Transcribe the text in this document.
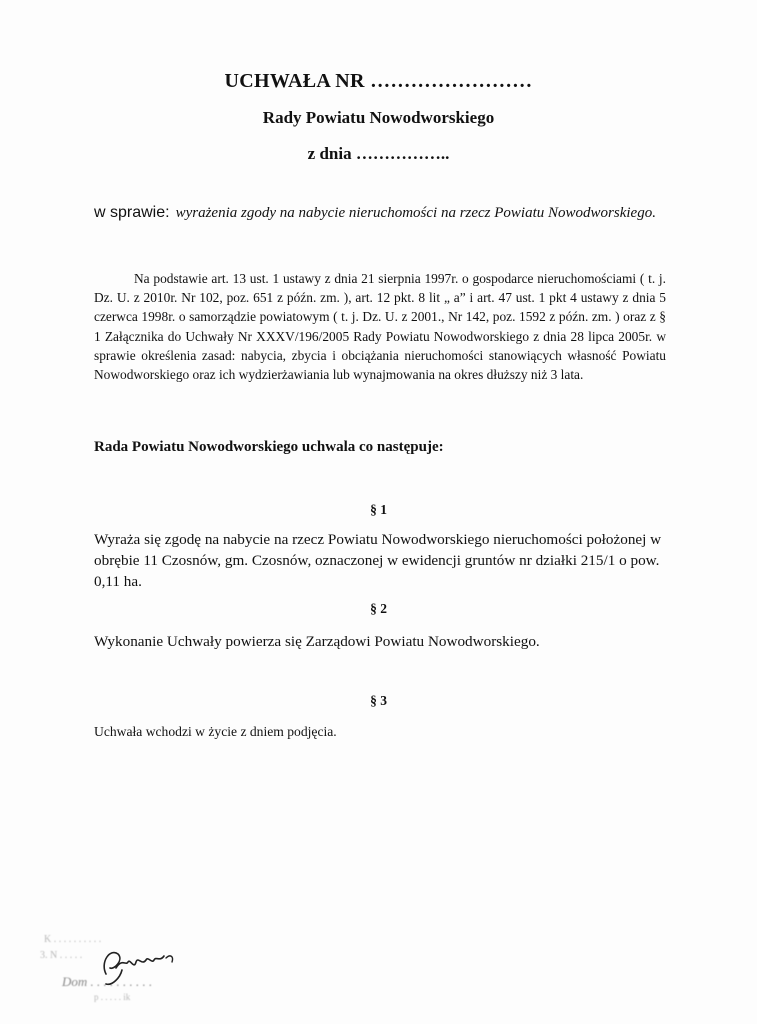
UCHWAŁA NR ……………………
Rady Powiatu Nowodworskiego
z dnia ……………..
w sprawie: wyrażenia zgody na nabycie nieruchomości na rzecz Powiatu Nowodworskiego.
Na podstawie art. 13 ust. 1 ustawy z dnia 21 sierpnia 1997r. o gospodarce nieruchomościami ( t. j. Dz. U. z 2010r. Nr 102, poz. 651 z późn. zm. ), art. 12 pkt. 8 lit „ a” i art. 47 ust. 1 pkt 4 ustawy z dnia 5 czerwca 1998r. o samorządzie powiatowym ( t. j. Dz. U. z 2001., Nr 142, poz. 1592 z późn. zm. ) oraz z § 1 Załącznika do Uchwały Nr XXXV/196/2005 Rady Powiatu Nowodworskiego z dnia 28 lipca 2005r. w sprawie określenia zasad: nabycia, zbycia i obciążania nieruchomości stanowiących własność Powiatu Nowodworskiego oraz ich wydzierżawiania lub wynajmowania na okres dłuższy niż 3 lata.
Rada Powiatu Nowodworskiego uchwala co następuje:
§ 1
Wyraża się zgodę na nabycie na rzecz Powiatu Nowodworskiego nieruchomości położonej w obrębie 11 Czosnów, gm. Czosnów, oznaczonej w ewidencji gruntów nr działki 215/1 o pow. 0,11 ha.
§ 2
Wykonanie Uchwały powierza się Zarządowi Powiatu Nowodworskiego.
§ 3
Uchwała wchodzi w życie z dniem podjęcia.
K . . . . . . . . . .
3. N . . . . .
Dom . . . . . . . . . .
p . . . . . ik
